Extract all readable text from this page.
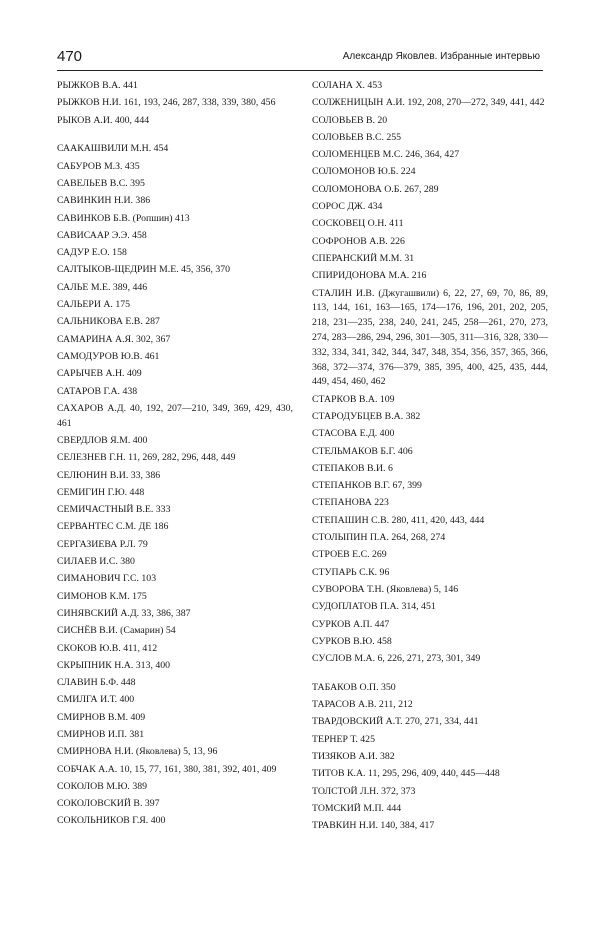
470	Александр Яковлев. Избранные интервью
РЫЖКОВ В.А. 441
РЫЖКОВ Н.И. 161, 193, 246, 287, 338, 339, 380, 456
РЫКОВ А.И. 400, 444
СААКАШВИЛИ М.Н. 454
САБУРОВ М.З. 435
САВЕЛЬЕВ В.С. 395
САВИНКИН Н.И. 386
САВИНКОВ Б.В. (Ропшин) 413
САВИСААР Э.Э. 458
САДУР Е.О. 158
САЛТЫКОВ-ЩЕДРИН М.Е. 45, 356, 370
САЛЬЕ М.Е. 389, 446
САЛЬЕРИ А. 175
САЛЬНИКОВА Е.В. 287
САМАРИНА А.Я. 302, 367
САМОДУРОВ Ю.В. 461
САРЫЧЕВ А.Н. 409
САТАРОВ Г.А. 438
САХАРОВ А.Д. 40, 192, 207—210, 349, 369, 429, 430, 461
СВЕРДЛОВ Я.М. 400
СЕЛЕЗНЕВ Г.Н. 11, 269, 282, 296, 448, 449
СЕЛЮНИН В.И. 33, 386
СЕМИГИН Г.Ю. 448
СЕМИЧАСТНЫЙ В.Е. 333
СЕРВАНТЕС С.М. ДЕ 186
СЕРГАЗИЕВА Р.Л. 79
СИЛАЕВ И.С. 380
СИМАНОВИЧ Г.С. 103
СИМОНОВ К.М. 175
СИНЯВСКИЙ А.Д. 33, 386, 387
СИСНЁВ В.И. (Самарин) 54
СКОКОВ Ю.В. 411, 412
СКРЫПНИК Н.А. 313, 400
СЛАВИН Б.Ф. 448
СМИЛГА И.Т. 400
СМИРНОВ В.М. 409
СМИРНОВ И.П. 381
СМИРНОВА Н.И. (Яковлева) 5, 13, 96
СОБЧАК А.А. 10, 15, 77, 161, 380, 381, 392, 401, 409
СОКОЛОВ М.Ю. 389
СОКОЛОВСКИЙ В. 397
СОКОЛЬНИКОВ Г.Я. 400
СОЛАНА Х. 453
СОЛЖЕНИЦЫН А.И. 192, 208, 270—272, 349, 441, 442
СОЛОВЬЕВ В. 20
СОЛОВЬЕВ В.С. 255
СОЛОМЕНЦЕВ М.С. 246, 364, 427
СОЛОМОНОВ Ю.Б. 224
СОЛОМОНОВА О.Б. 267, 289
СОРОС ДЖ. 434
СОСКОВЕЦ О.Н. 411
СОФРОНОВ А.В. 226
СПЕРАНСКИЙ М.М. 31
СПИРИДОНОВА М.А. 216
СТАЛИН И.В. (Джугашвили) 6, 22, 27, 69, 70, 86, 89, 113, 144, 161, 163—165, 174—176, 196, 201, 202, 205, 218, 231—235, 238, 240, 241, 245, 258—261, 270, 273, 274, 283—286, 294, 296, 301—305, 311—316, 328, 330—332, 334, 341, 342, 344, 347, 348, 354, 356, 357, 365, 366, 368, 372—374, 376—379, 385, 395, 400, 425, 435, 444, 449, 454, 460, 462
СТАРКОВ В.А. 109
СТАРОДУБЦЕВ В.А. 382
СТАСОВА Е.Д. 400
СТЕЛЬМАКОВ Б.Г. 406
СТЕПАКОВ В.И. 6
СТЕПАНКОВ В.Г. 67, 399
СТЕПАНОВА 223
СТЕПАШИН С.В. 280, 411, 420, 443, 444
СТОЛЫПИН П.А. 264, 268, 274
СТРОЕВ Е.С. 269
СТУПАРЬ С.К. 96
СУВОРОВА Т.Н. (Яковлева) 5, 146
СУДОПЛАТОВ П.А. 314, 451
СУРКОВ А.П. 447
СУРКОВ В.Ю. 458
СУСЛОВ М.А. 6, 226, 271, 273, 301, 349
ТАБАКОВ О.П. 350
ТАРАСОВ А.В. 211, 212
ТВАРДОВСКИЙ А.Т. 270, 271, 334, 441
ТЕРНЕР Т. 425
ТИЗЯКОВ А.И. 382
ТИТОВ К.А. 11, 295, 296, 409, 440, 445—448
ТОЛСТОЙ Л.Н. 372, 373
ТОМСКИЙ М.П. 444
ТРАВКИН Н.И. 140, 384, 417
